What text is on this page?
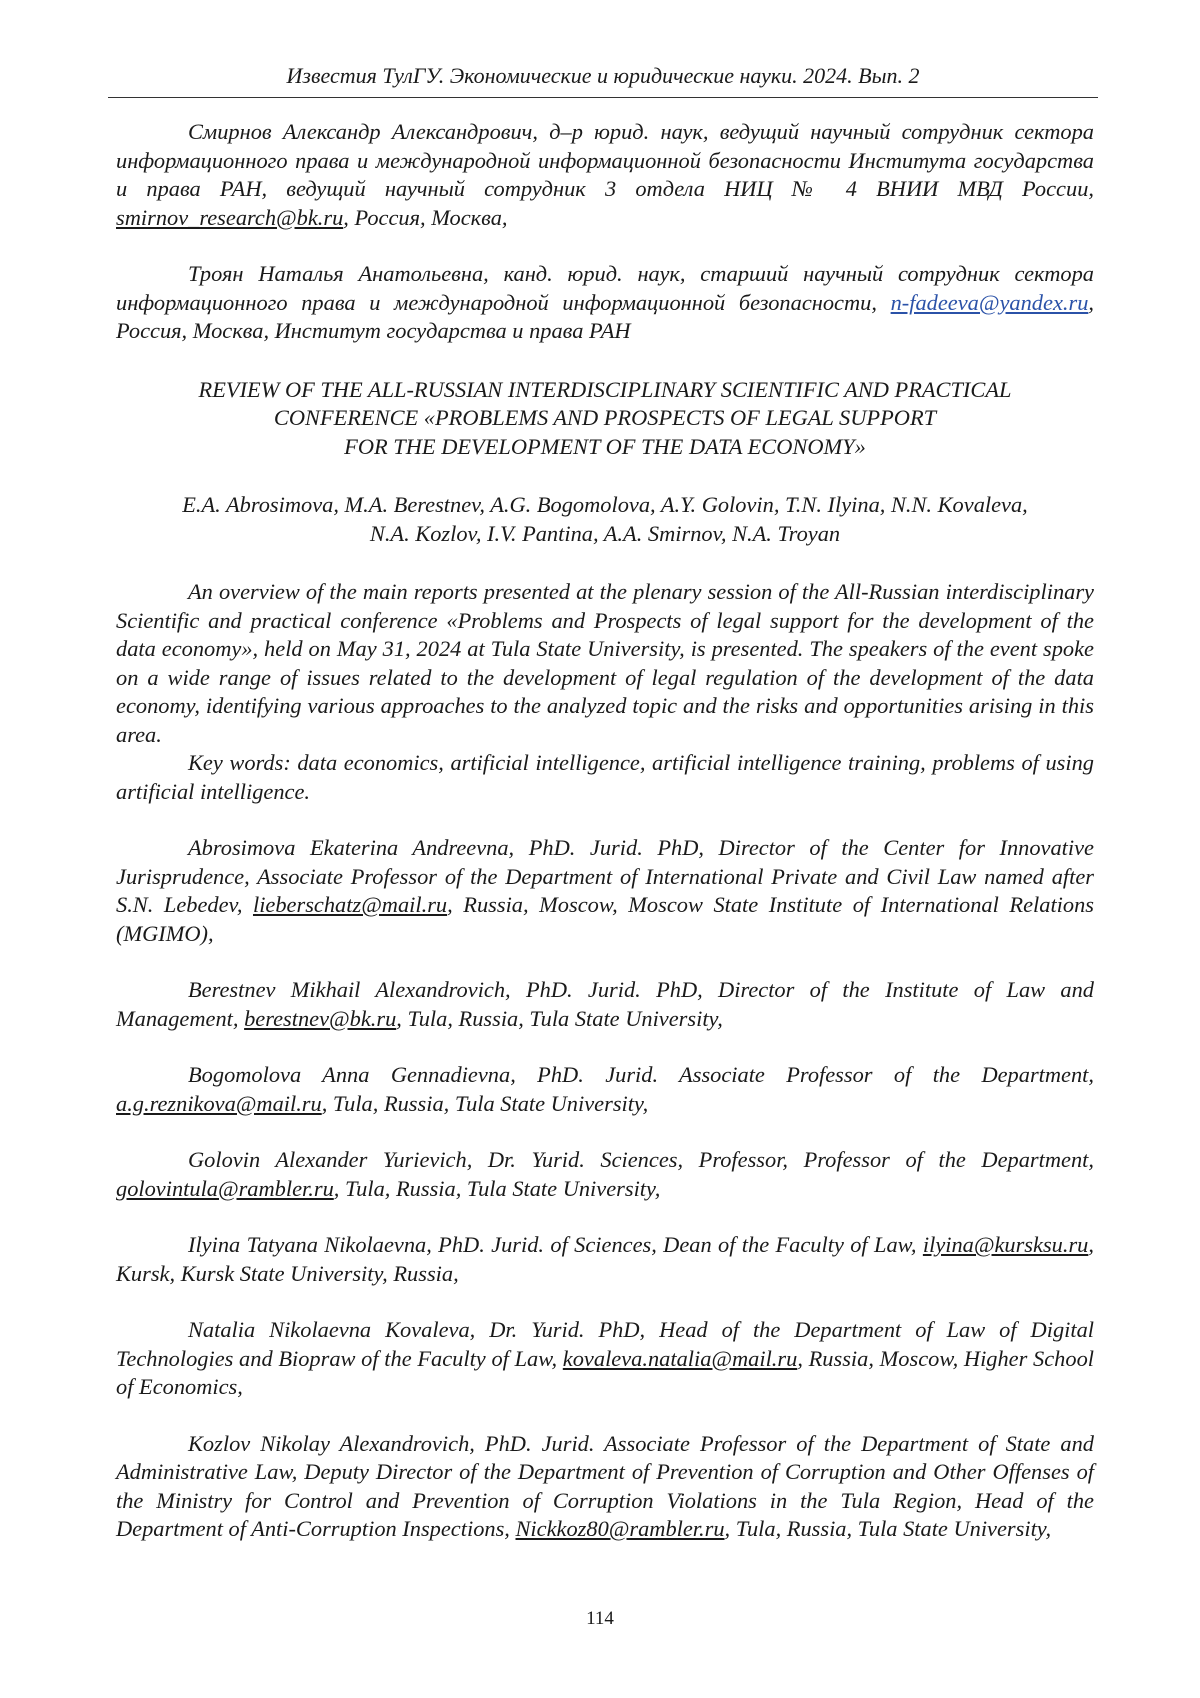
Известия ТулГУ. Экономические и юридические науки. 2024. Вып. 2

Смирнов Александр Александрович, д–р юрид. наук, ведущий научный сотрудник сектора информационного права и международной информационной безопасности Института государства и права РАН, ведущий научный сотрудник 3 отдела НИЦ № 4 ВНИИ МВД России, smirnov_research@bk.ru, Россия, Москва,

Троян Наталья Анатольевна, канд. юрид. наук, старший научный сотрудник сектора информационного права и международной информационной безопасности, n-fadeeva@yandex.ru, Россия, Москва, Институт государства и права РАН

REVIEW OF THE ALL-RUSSIAN INTERDISCIPLINARY SCIENTIFIC AND PRACTICAL

CONFERENCE «PROBLEMS AND PROSPECTS OF LEGAL SUPPORT

FOR THE DEVELOPMENT OF THE DATA ECONOMY»

E.A. Abrosimova, M.A. Berestnev, A.G. Bogomolova, A.Y. Golovin, T.N. Ilyina, N.N. Kovaleva,

N.A. Kozlov, I.V. Pantina, A.A. Smirnov, N.A. Troyan

An overview of the main reports presented at the plenary session of the All-Russian interdisciplinary Scientific and practical conference «Problems and Prospects of legal support for the development of the data economy», held on May 31, 2024 at Tula State University, is presented. The speakers of the event spoke on a wide range of issues related to the development of legal regulation of the development of the data economy, identifying various approaches to the analyzed topic and the risks and opportunities arising in this area.

Key words: data economics, artificial intelligence, artificial intelligence training, problems of using artificial intelligence.

Abrosimova Ekaterina Andreevna, PhD. Jurid. PhD, Director of the Center for Innovative Jurisprudence, Associate Professor of the Department of International Private and Civil Law named after S.N. Lebedev, lieberschatz@mail.ru, Russia, Moscow, Moscow State Institute of International Relations (MGIMO),

Berestnev Mikhail Alexandrovich, PhD. Jurid. PhD, Director of the Institute of Law and Management, berestnev@bk.ru, Tula, Russia, Tula State University,

Bogomolova Anna Gennadievna, PhD. Jurid. Associate Professor of the Department, a.g.reznikova@mail.ru, Tula, Russia, Tula State University,

Golovin Alexander Yurievich, Dr. Yurid. Sciences, Professor, Professor of the Department, golovintula@rambler.ru, Tula, Russia, Tula State University,

Ilyina Tatyana Nikolaevna, PhD. Jurid. of Sciences, Dean of the Faculty of Law, ilyina@kursksu.ru, Kursk, Kursk State University, Russia,

Natalia Nikolaevna Kovaleva, Dr. Yurid. PhD, Head of the Department of Law of Digital Technologies and Biopraw of the Faculty of Law, kovaleva.natalia@mail.ru, Russia, Moscow, Higher School of Economics,

Kozlov Nikolay Alexandrovich, PhD. Jurid. Associate Professor of the Department of State and Administrative Law, Deputy Director of the Department of Prevention of Corruption and Other Offenses of the Ministry for Control and Prevention of Corruption Violations in the Tula Region, Head of the Department of Anti-Corruption Inspections, Nickkoz80@rambler.ru, Tula, Russia, Tula State University,

114
